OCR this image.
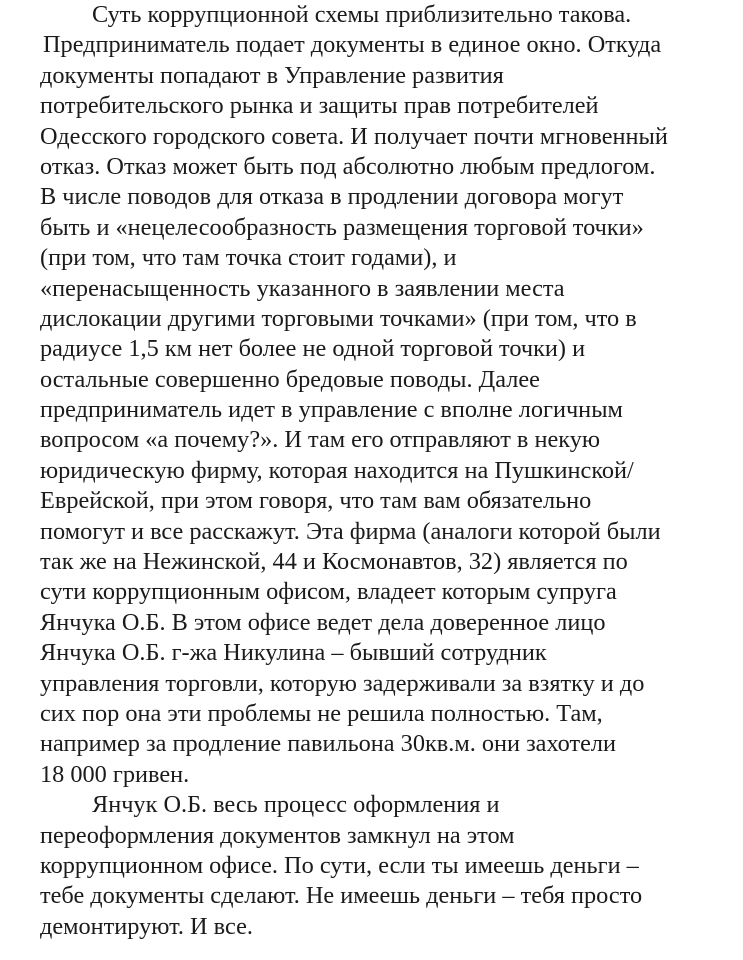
Суть коррупционной схемы приблизительно такова.
Предприниматель подает документы в единое окно. Откуда
документы попадают в Управление развития
потребительского рынка и защиты прав потребителей
Одесского городского совета. И получает почти мгновенный
отказ. Отказ может быть под абсолютно любым предлогом.
В числе поводов для отказа в продлении договора могут
быть и «нецелесообразность размещения торговой точки»
(при том, что там точка стоит годами), и
«перенасыщенность указанного в заявлении места
дислокации другими торговыми точками» (при том, что в
радиусе 1,5 км нет более не одной торговой точки) и
остальные совершенно бредовые поводы. Далее
предприниматель идет в управление с вполне логичным
вопросом «а почему?». И там его отправляют в некую
юридическую фирму, которая находится на Пушкинской/
Еврейской, при этом говоря, что там вам обязательно
помогут и все расскажут. Эта фирма (аналоги которой были
так же на Нежинской, 44 и Космонавтов, 32) является по
сути коррупционным офисом, владеет которым супруга
Янчука О.Б. В этом офисе ведет дела доверенное лицо
Янчука О.Б. г-жа Никулина – бывший сотрудник
управления торговли, которую задерживали за взятку и до
сих пор она эти проблемы не решила полностью. Там,
например за продление павильона 30кв.м. они захотели
18 000 гривен.
Янчук О.Б. весь процесс оформления и
переоформления документов замкнул на этом
коррупционном офисе. По сути, если ты имеешь деньги –
тебе документы сделают. Не имеешь деньги – тебя просто
демонтируют. И все.
